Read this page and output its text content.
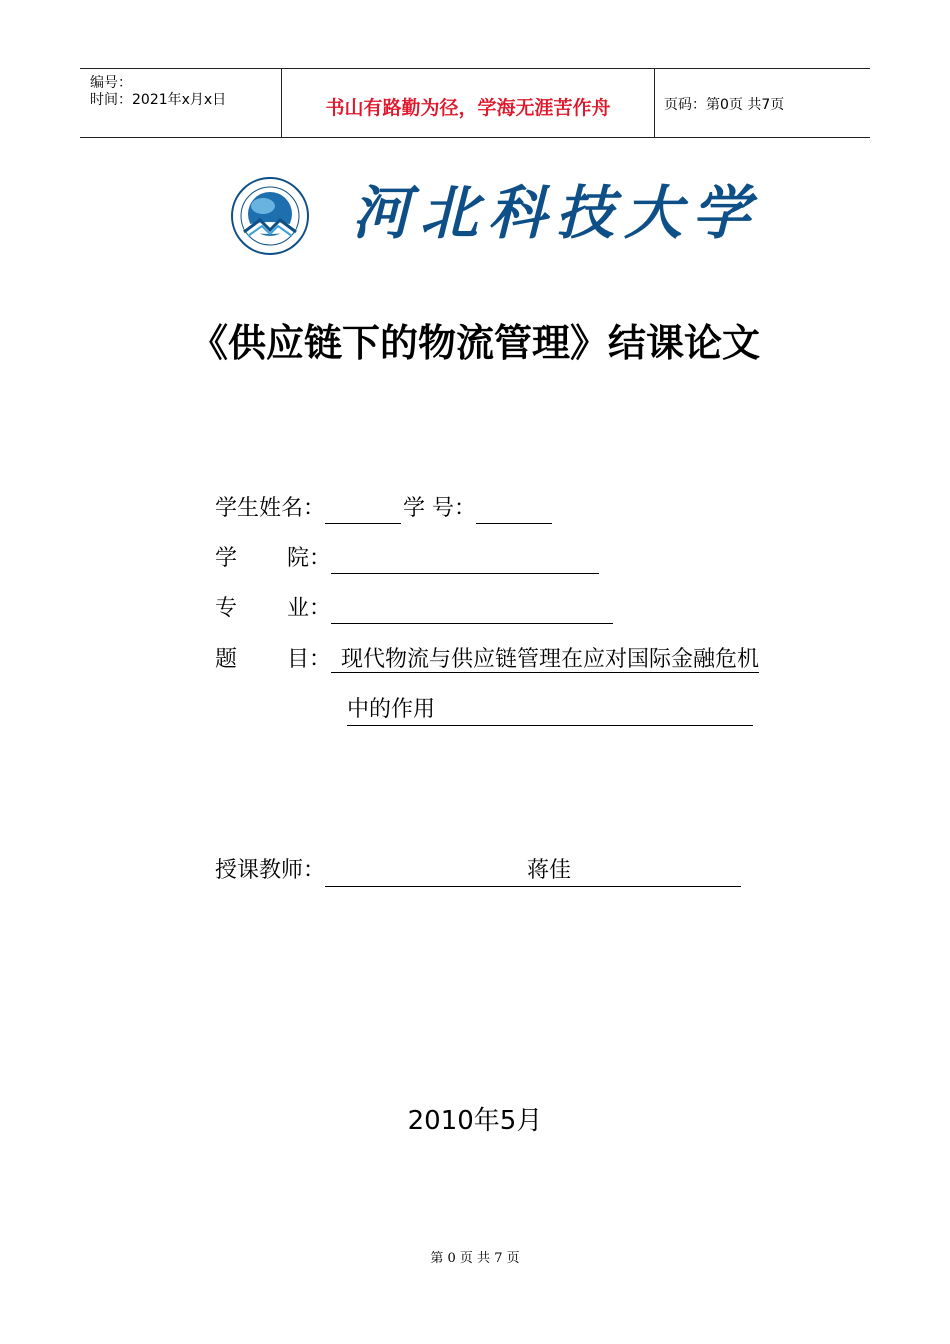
编号：
时间：2021年x月x日	书山有路勤为径，学海无涯苦作舟	页码：第0页 共7页
河北科技大学
《供应链下的物流管理》结课论文
学生姓名：	学 号：
学 院：
专 业：
题 目： 现代物流与供应链管理在应对国际金融危机
中的作用
授课教师：	蒋佳
2010年5月
第 0 页 共 7 页
